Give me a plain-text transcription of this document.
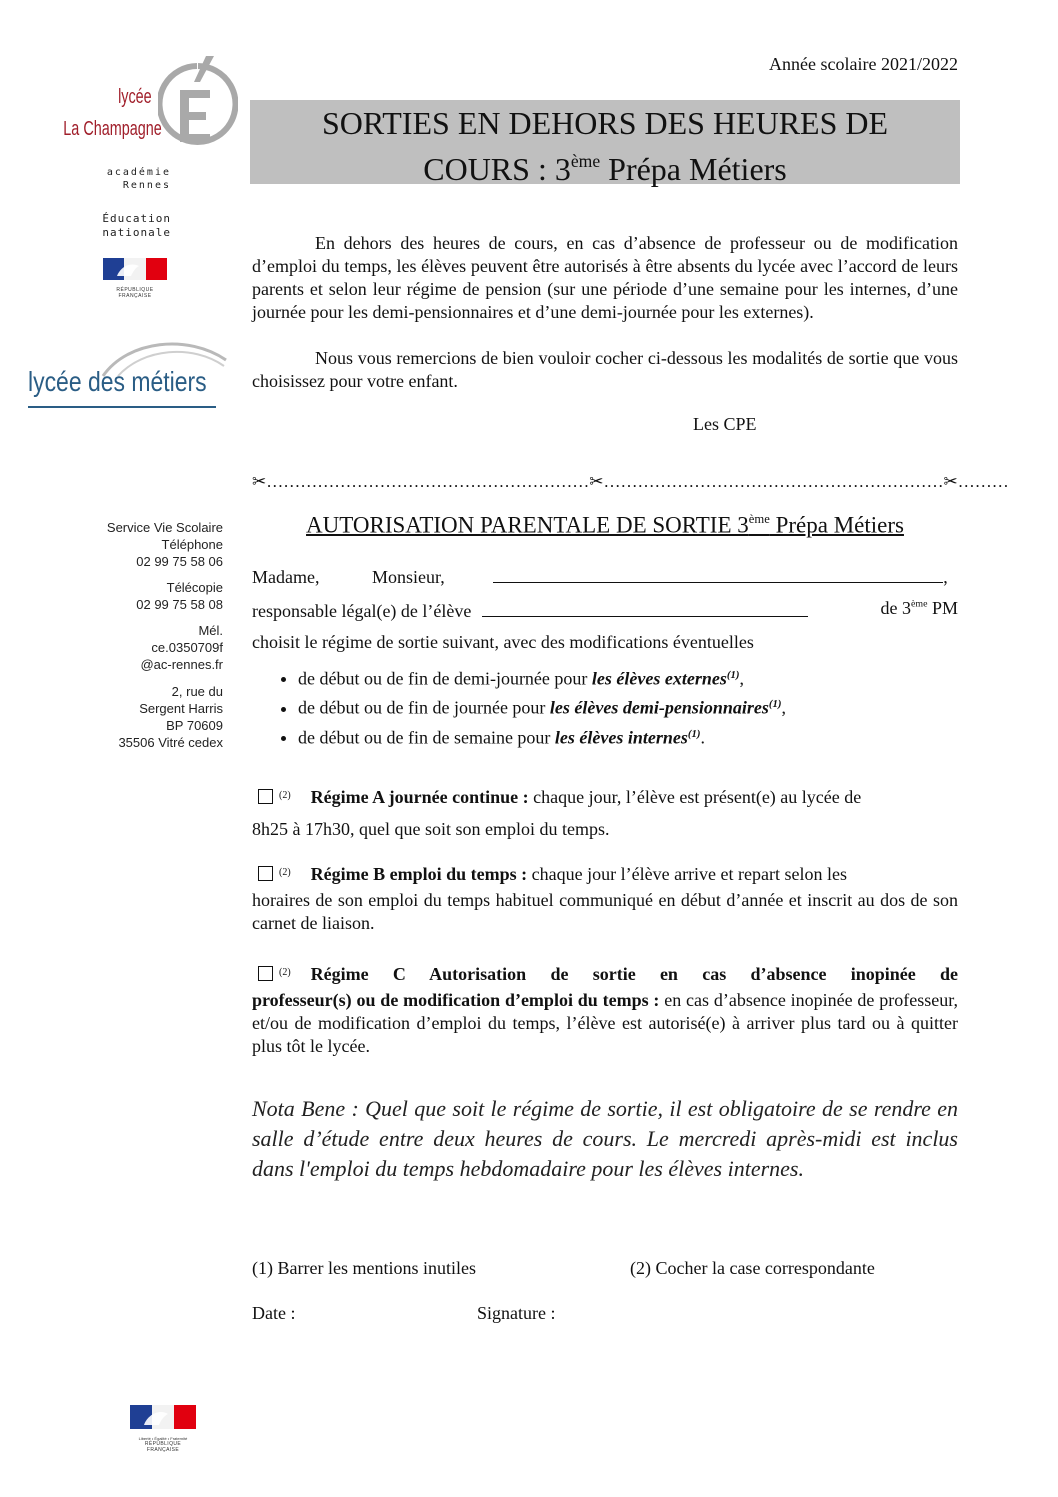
lycée
La Champagne
académie
Rennes
Éducation
nationale
RÉPUBLIQUE FRANÇAISE
lycée des métiers
Service Vie Scolaire
Téléphone
02 99 75 58 06
Télécopie
02 99 75 58 08
Mél.
ce.0350709f
@ac-rennes.fr
2, rue du
Sergent Harris
BP 70609
35506 Vitré cedex
Année scolaire 2021/2022
SORTIES EN DEHORS DES HEURES DE
COURS : 3ème Prépa Métiers
En dehors des heures de cours, en cas d’absence de professeur ou de modification d’emploi du temps, les élèves peuvent être autorisés à être absents du lycée avec l’accord de leurs parents et selon leur régime de pension (sur une période d’une semaine pour les internes, d’une journée pour les demi-pensionnaires et d’une demi-journée pour les externes).
Nous vous remercions de bien vouloir cocher ci-dessous les modalités de sortie que vous choisissez pour votre enfant.
Les CPE
✂…………………………………………………✂……………………………………………………✂………
AUTORISATION PARENTALE DE SORTIE 3ème Prépa Métiers
Madame,	Monsieur,	,
responsable légal(e) de l’élève	de 3ème PM
choisit le régime de sortie suivant, avec des modifications éventuelles
• de début ou de fin de demi-journée pour les élèves externes$^{(1)}$,
• de début ou de fin de journée pour les élèves demi-pensionnaires$^{(1)}$,
• de début ou de fin de semaine pour les élèves internes$^{(1)}$.
$^{(2)}$ Régime A journée continue : chaque jour, l’élève est présent(e) au lycée de
8h25 à 17h30, quel que soit son emploi du temps.
$^{(2)}$ Régime B emploi du temps : chaque jour l’élève arrive et repart selon les
horaires de son emploi du temps habituel communiqué en début d’année et inscrit au dos de son carnet de liaison.
$^{(2)}$ Régime C Autorisation de sortie en cas d’absence inopinée de
professeur(s) ou de modification d’emploi du temps : en cas d’absence inopinée de professeur, et/ou de modification d’emploi du temps, l’élève est autorisé(e) à arriver plus tard ou à quitter plus tôt le lycée.
Nota Bene : Quel que soit le régime de sortie, il est obligatoire de se rendre en salle d’étude entre deux heures de cours. Le mercredi après-midi est inclus dans l'emploi du temps hebdomadaire pour les élèves internes.
(1) Barrer les mentions inutiles	(2) Cocher la case correspondante
Date :	Signature :
Liberté • Égalité • Fraternité
RÉPUBLIQUE FRANÇAISE
